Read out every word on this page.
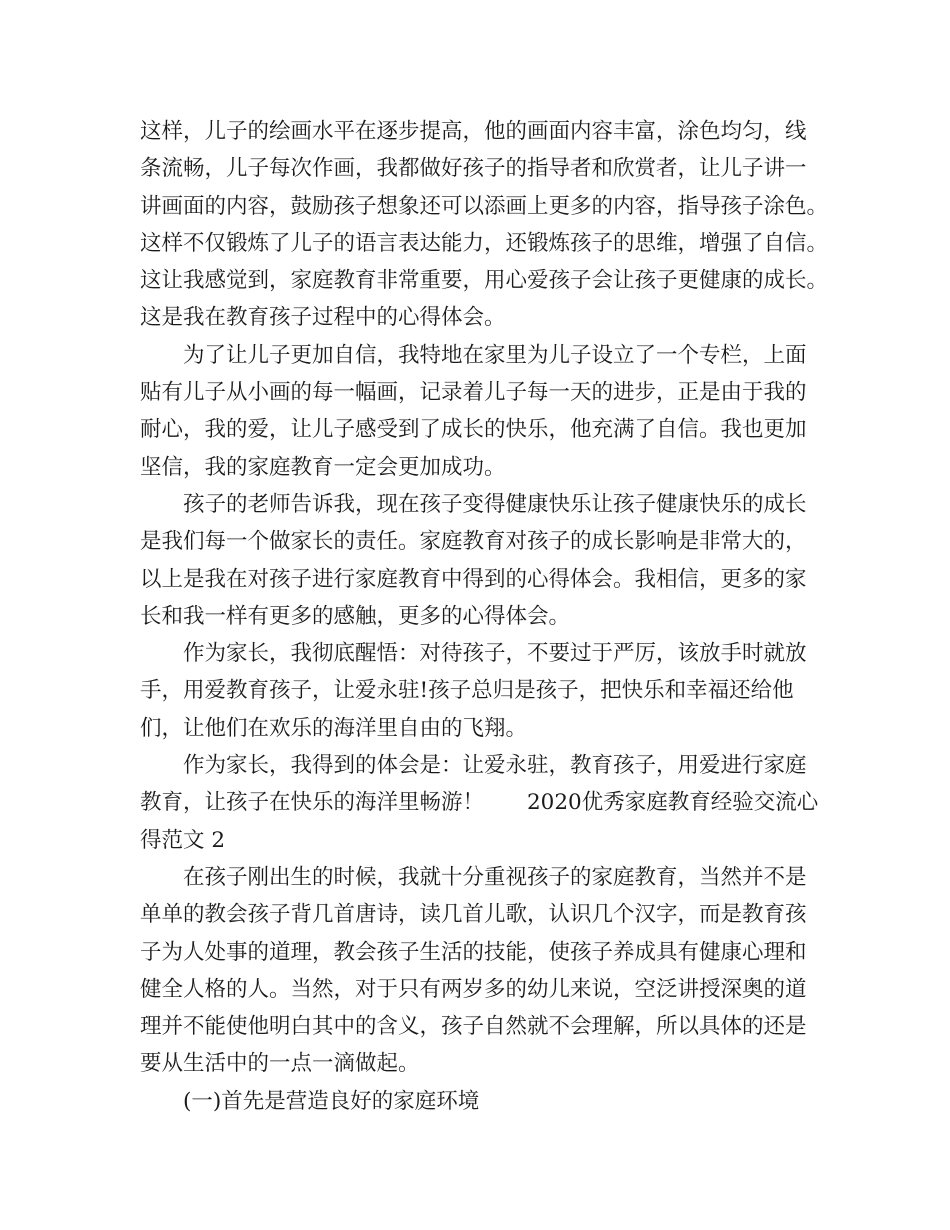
这样，儿子的绘画水平在逐步提高，他的画面内容丰富，涂色均匀，线
条流畅，儿子每次作画，我都做好孩子的指导者和欣赏者，让儿子讲一
讲画面的内容，鼓励孩子想象还可以添画上更多的内容，指导孩子涂色。
这样不仅锻炼了儿子的语言表达能力，还锻炼孩子的思维，增强了自信。
这让我感觉到，家庭教育非常重要，用心爱孩子会让孩子更健康的成长。
这是我在教育孩子过程中的心得体会。
为了让儿子更加自信，我特地在家里为儿子设立了一个专栏，上面
贴有儿子从小画的每一幅画，记录着儿子每一天的进步，正是由于我的
耐心，我的爱，让儿子感受到了成长的快乐，他充满了自信。我也更加
坚信，我的家庭教育一定会更加成功。
孩子的老师告诉我，现在孩子变得健康快乐让孩子健康快乐的成长
是我们每一个做家长的责任。家庭教育对孩子的成长影响是非常大的，
以上是我在对孩子进行家庭教育中得到的心得体会。我相信，更多的家
长和我一样有更多的感触，更多的心得体会。
作为家长，我彻底醒悟：对待孩子，不要过于严厉，该放手时就放
手，用爱教育孩子，让爱永驻!孩子总归是孩子，把快乐和幸福还给他
们，让他们在欢乐的海洋里自由的飞翔。
作为家长，我得到的体会是：让爱永驻，教育孩子，用爱进行家庭
教育，让孩子在快乐的海洋里畅游！　　2020优秀家庭教育经验交流心
得范文 2
在孩子刚出生的时候，我就十分重视孩子的家庭教育，当然并不是
单单的教会孩子背几首唐诗，读几首儿歌，认识几个汉字，而是教育孩
子为人处事的道理，教会孩子生活的技能，使孩子养成具有健康心理和
健全人格的人。当然，对于只有两岁多的幼儿来说，空泛讲授深奥的道
理并不能使他明白其中的含义，孩子自然就不会理解，所以具体的还是
要从生活中的一点一滴做起。
(一)首先是营造良好的家庭环境
